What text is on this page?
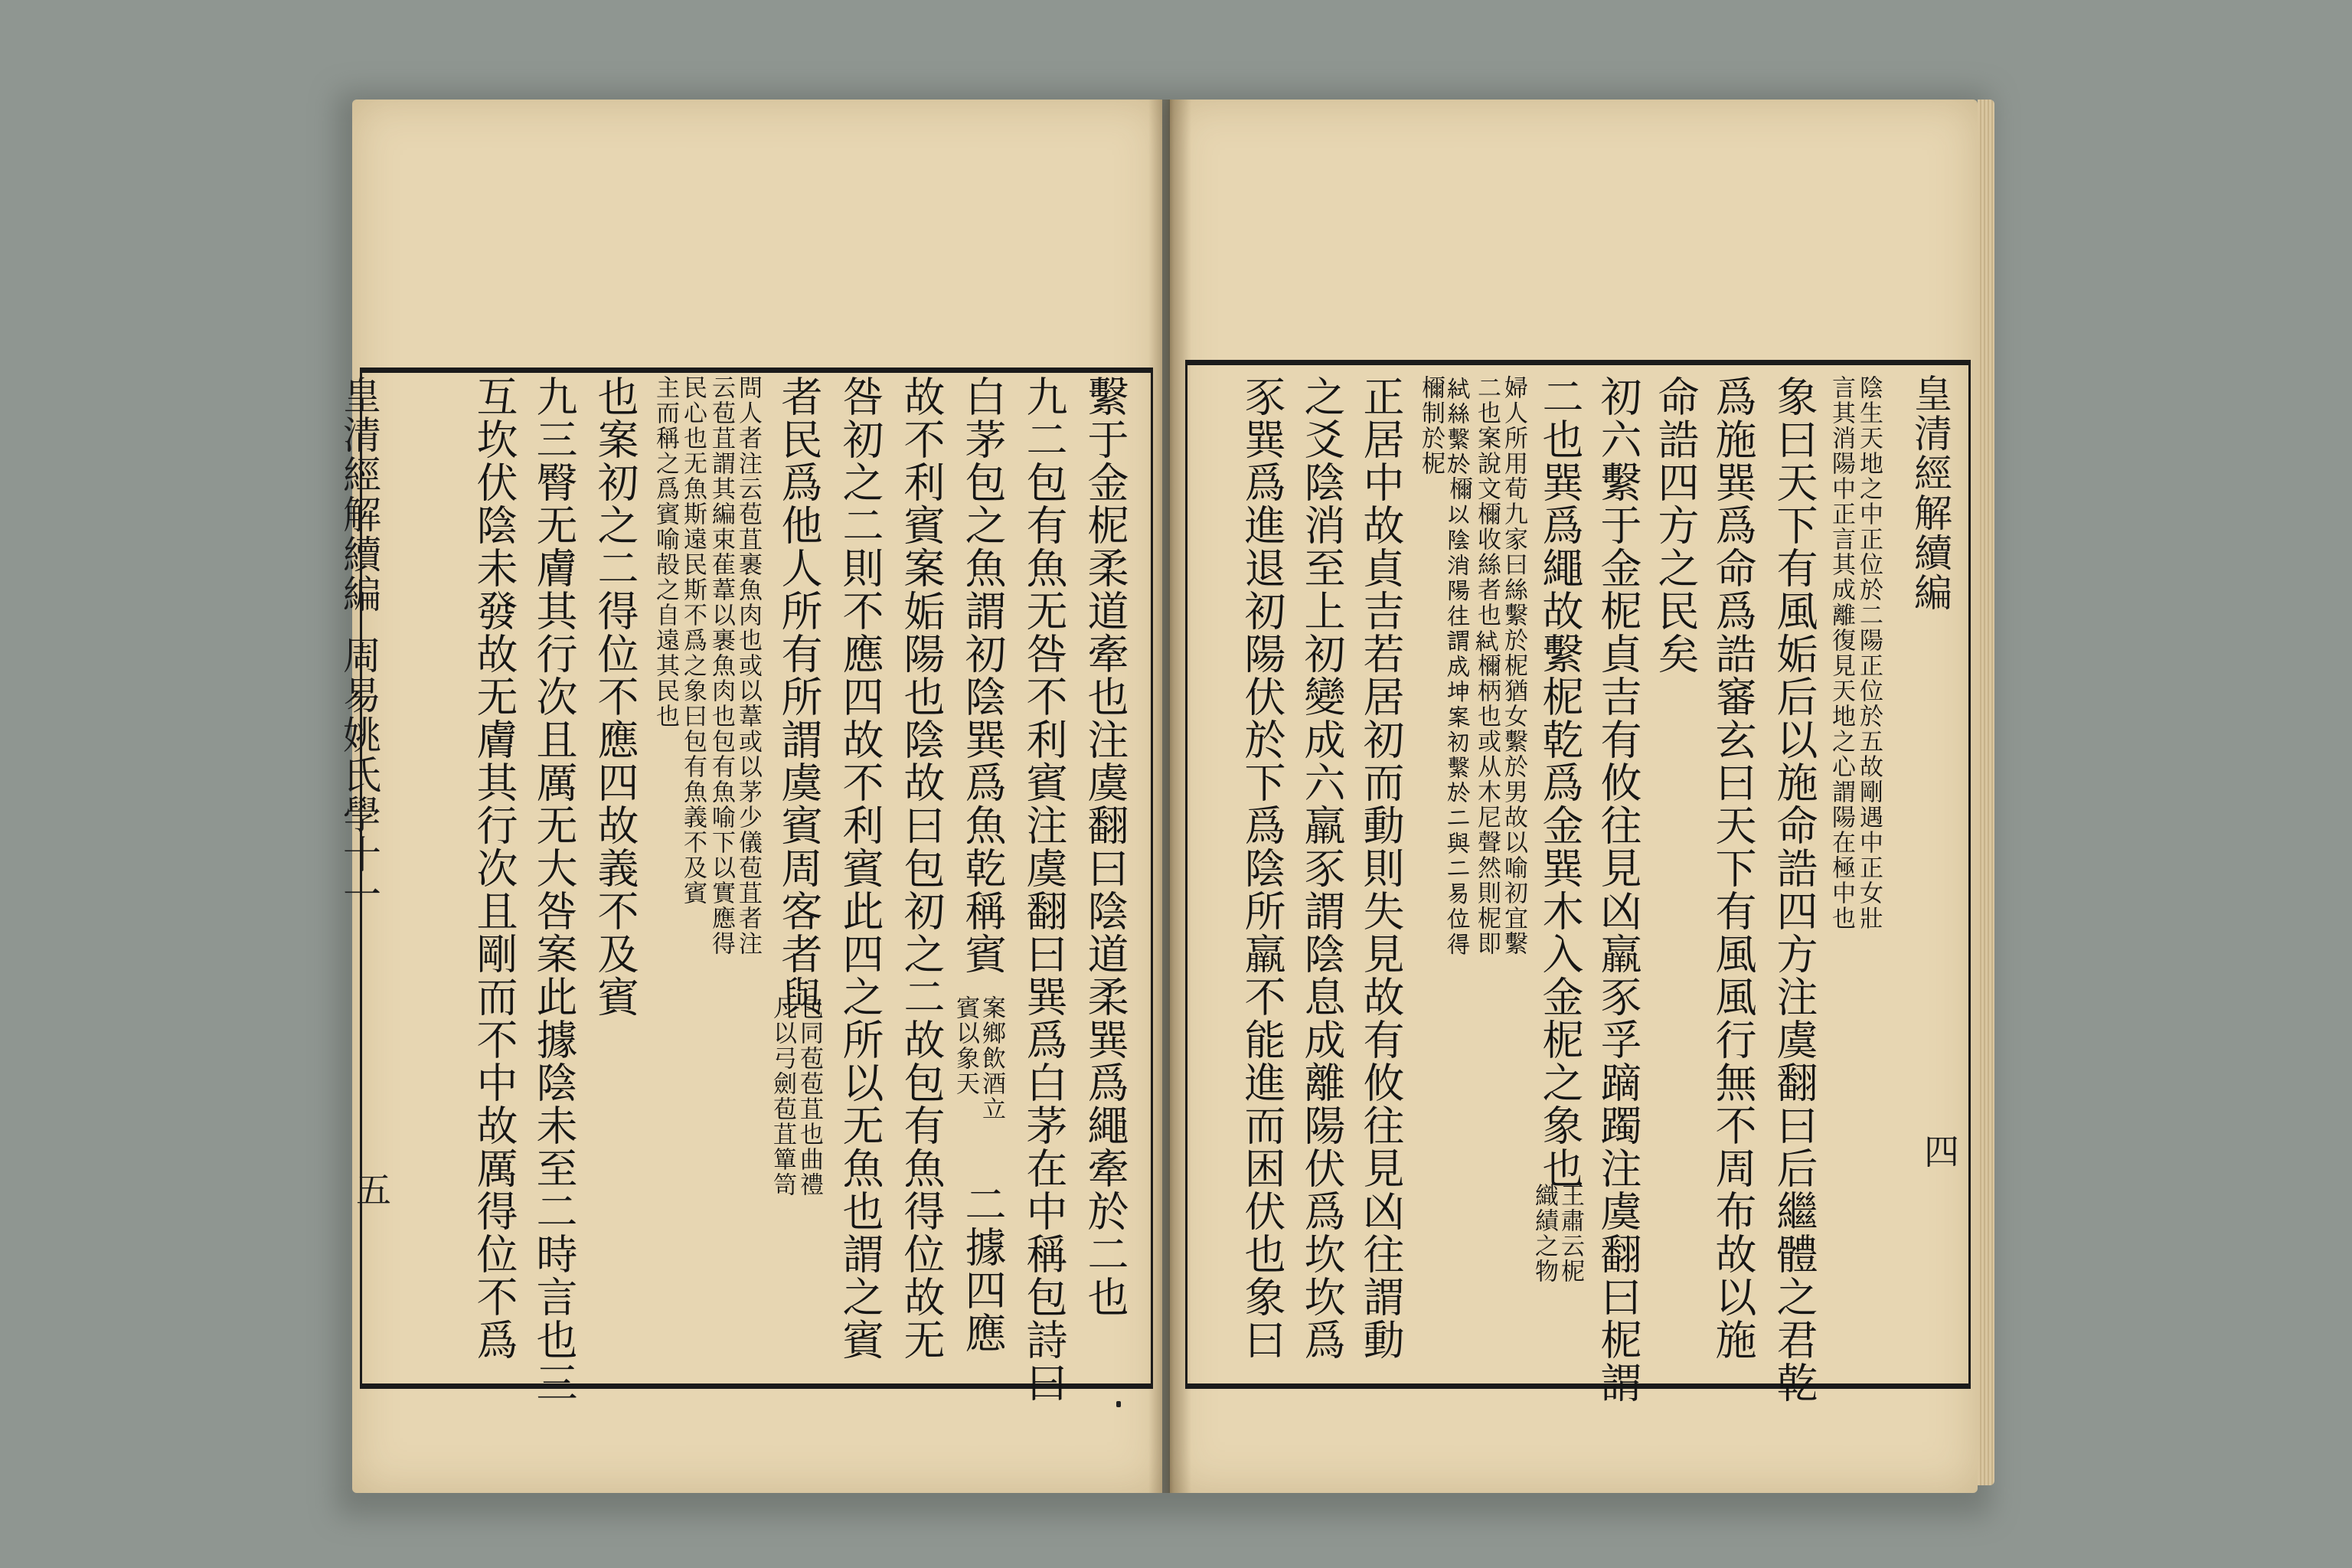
皇清經解續編
四
陰生天地之中正位於二陽正位於五故剛遇中正女壯
言其消陽中正言其成離復見天地之心謂陽在極中也
象曰天下有風姤后以施命誥四方注虞翻曰后繼體之君乾
爲施巽爲命爲誥䆺玄曰天下有風風行無不周布故以施
命誥四方之民矣
初六繫于金柅貞吉有攸往見凶羸豕孚蹢躅注虞翻曰柅謂
二也巽爲繩故繫柅乾爲金巽木入金柅之象也
王肅云柅
織績之物
婦人所用荀九家曰絲繫於柅猶女繫於男故以喻初宜繫
二也案說文檷收絲者也𥿮檷柄也或从木尼聲然則柅即
𥿮絲繫於檷以陰消陽往謂成坤案初繫於二與二易位得
檷制於柅
正居中故貞吉若居初而動則失見故有攸往見凶往謂動
之爻陰消至上初變成六羸豕謂陰息成離陽伏爲坎坎爲
豕巽爲進退初陽伏於下爲陰所羸不能進而困伏也象曰
皇清經解續編
周易姚氏學十一
五	繫于金柅柔道牽也注虞翻曰陰道柔巽爲繩牽於二也
九二包有魚无咎不利賓注虞翻曰巽爲白茅在中稱包詩曰
白茅包之魚謂初陰巽爲魚乾稱賓
案鄉飲酒立
賓以象天
二據四應
故不利賓案姤陽也陰故曰包初之二故包有魚得位故无
咎初之二則不應四故不利賓此四之所以无魚也謂之賓
者民爲他人所有所謂虞賓周客者與
包同苞苞苴也曲禮
凡以弓劍苞苴簞笥
問人者注云苞苴裹魚肉也或以葦或以茅少儀苞苴者注
云苞苴謂其編束萑葦以裹魚肉也包有魚喻下以實應得
民心也无魚斯遠民斯不爲之象曰包有魚義不及賓
主而稱之爲賓喻㱿之自遠其民也
也案初之二得位不應四故義不及賓
九三臀无膚其行次且厲无大咎案此據陰未至二時言也三
互坎伏陰未發故无膚其行次且剛而不中故厲得位不爲
